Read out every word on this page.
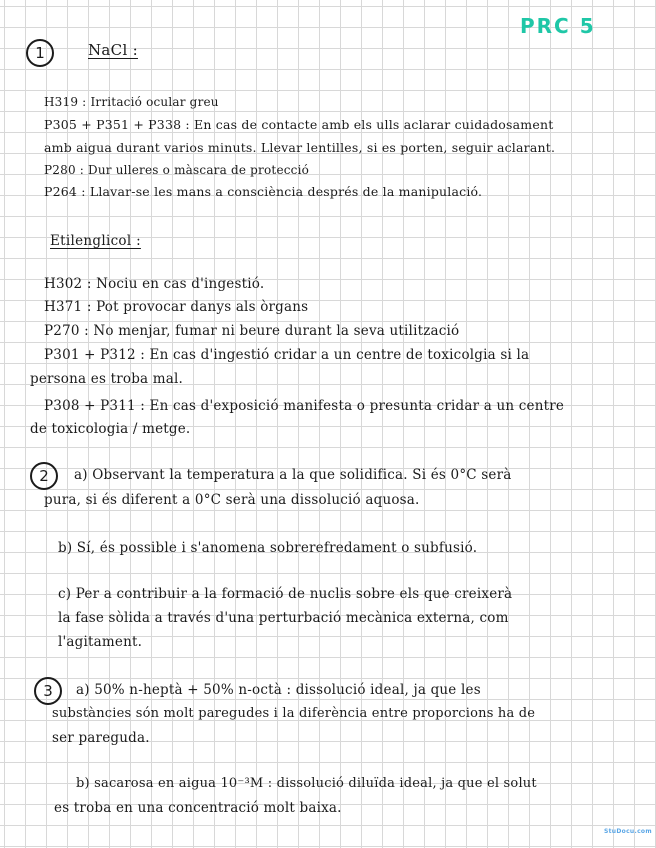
PRC 5
1	NaCl :
H319 : Irritació ocular greu
P305 + P351 + P338 : En cas de contacte amb els ulls aclarar cuidadosament
amb aigua durant varios minuts. Llevar lentilles, si es porten, seguir aclarant.
P280 : Dur ulleres o màscara de protecció
P264 : Llavar-se les mans a consciència després de la manipulació.
Etilenglicol :
H302 : Nociu en cas d'ingestió.
H371 : Pot provocar danys als òrgans
P270 : No menjar, fumar ni beure durant la seva utilització
P301 + P312 : En cas d'ingestió cridar a un centre de toxicolgia si la
persona es troba mal.
P308 + P311 : En cas d'exposició manifesta o presunta cridar a un centre
de toxicologia / metge.
2	a) Observant la temperatura a la que solidifica. Si és 0°C serà
pura, si és diferent a 0°C serà una dissolució aquosa.
b) Sí, és possible i s'anomena sobrerefredament o subfusió.
c) Per a contribuir a la formació de nuclis sobre els que creixerà
la fase sòlida a través d'una perturbació mecànica externa, com
l'agitament.
3	a) 50% n-heptà + 50% n-octà : dissolució ideal, ja que les
substàncies són molt paregudes i la diferència entre proporcions ha de
ser pareguda.
b) sacarosa en aigua 10⁻³M : dissolució diluïda ideal, ja que el solut
es troba en una concentració molt baixa.
StuDocu.com
